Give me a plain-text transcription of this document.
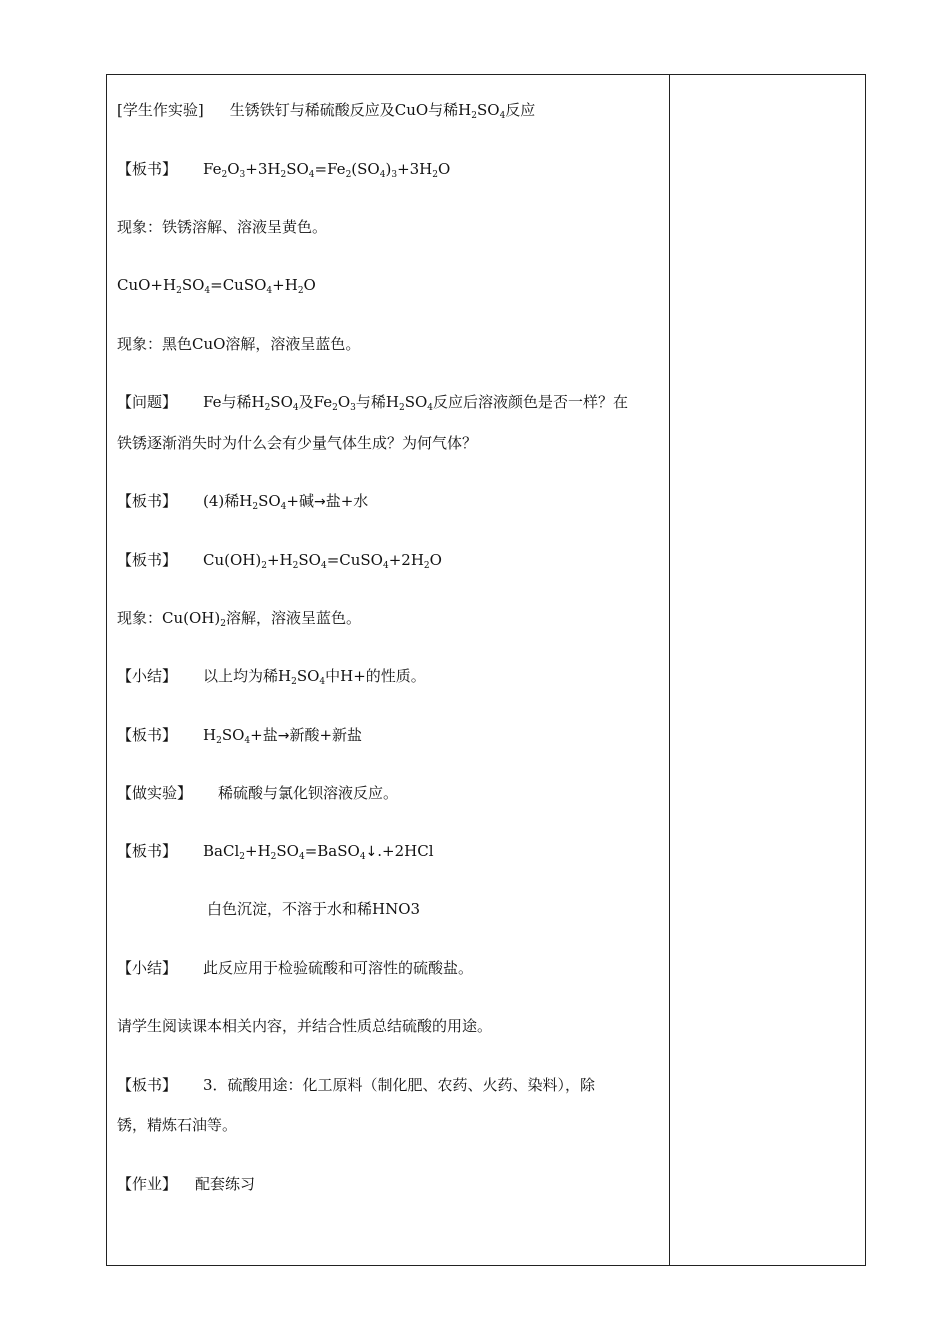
[学生作实验] 生锈铁钉与稀硫酸反应及CuO与稀$H_2SO_4$反应
【板书】 $Fe_2O_3+3H_2SO_4=Fe_2(SO_4)_3+3H_2O$
现象：铁锈溶解、溶液呈黄色。
$CuO+H_2SO_4=CuSO_4+H_2O$
现象：黑色CuO溶解，溶液呈蓝色。
【问题】 Fe与稀$H_2SO_4$及$Fe_2O_3$与稀$H_2SO_4$反应后溶液颜色是否一样？在
铁锈逐渐消失时为什么会有少量气体生成？为何气体？
【板书】 (4)稀$H_2SO_4+$碱→盐+水
【板书】 $Cu(OH)_2+H_2SO_4=CuSO_4+2H_2O$
现象：$Cu(OH)_2$溶解，溶液呈蓝色。
【小结】 以上均为稀$H_2SO_4$中H+的性质。
【板书】 $H_2SO_4+$盐→新酸+新盐
【做实验】 稀硫酸与氯化钡溶液反应。
【板书】 $BaCl_2+H_2SO_4=BaSO_4↓.+2HCl$
白色沉淀，不溶于水和稀HNO3
【小结】 此反应用于检验硫酸和可溶性的硫酸盐。
请学生阅读课本相关内容，并结合性质总结硫酸的用途。
【板书】 3．硫酸用途：化工原料（制化肥、农药、火药、染料），除
锈，精炼石油等。
【作业】 配套练习
